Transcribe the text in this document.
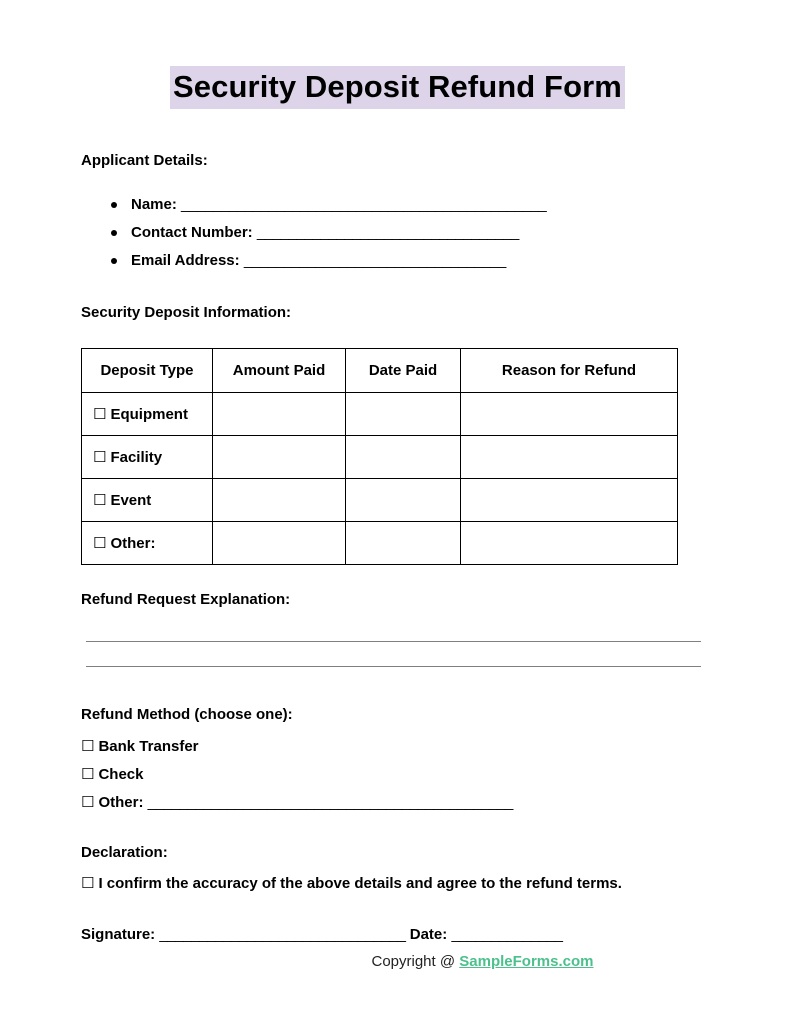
Security Deposit Refund Form
Applicant Details:
Name: ______________________________________________
Contact Number: _________________________________
Email Address: _________________________________
Security Deposit Information:
Deposit Type	Amount Paid	Date Paid	Reason for Refund
☐ Equipment			
☐ Facility			
☐ Event			
☐ Other:			
Refund Request Explanation:
Refund Method (choose one):
☐ Bank Transfer
☐ Check
☐ Other: ______________________________________________
Declaration:
☐ I confirm the accuracy of the above details and agree to the refund terms.
Signature: _______________________________ Date: ______________
Copyright @ SampleForms.com
